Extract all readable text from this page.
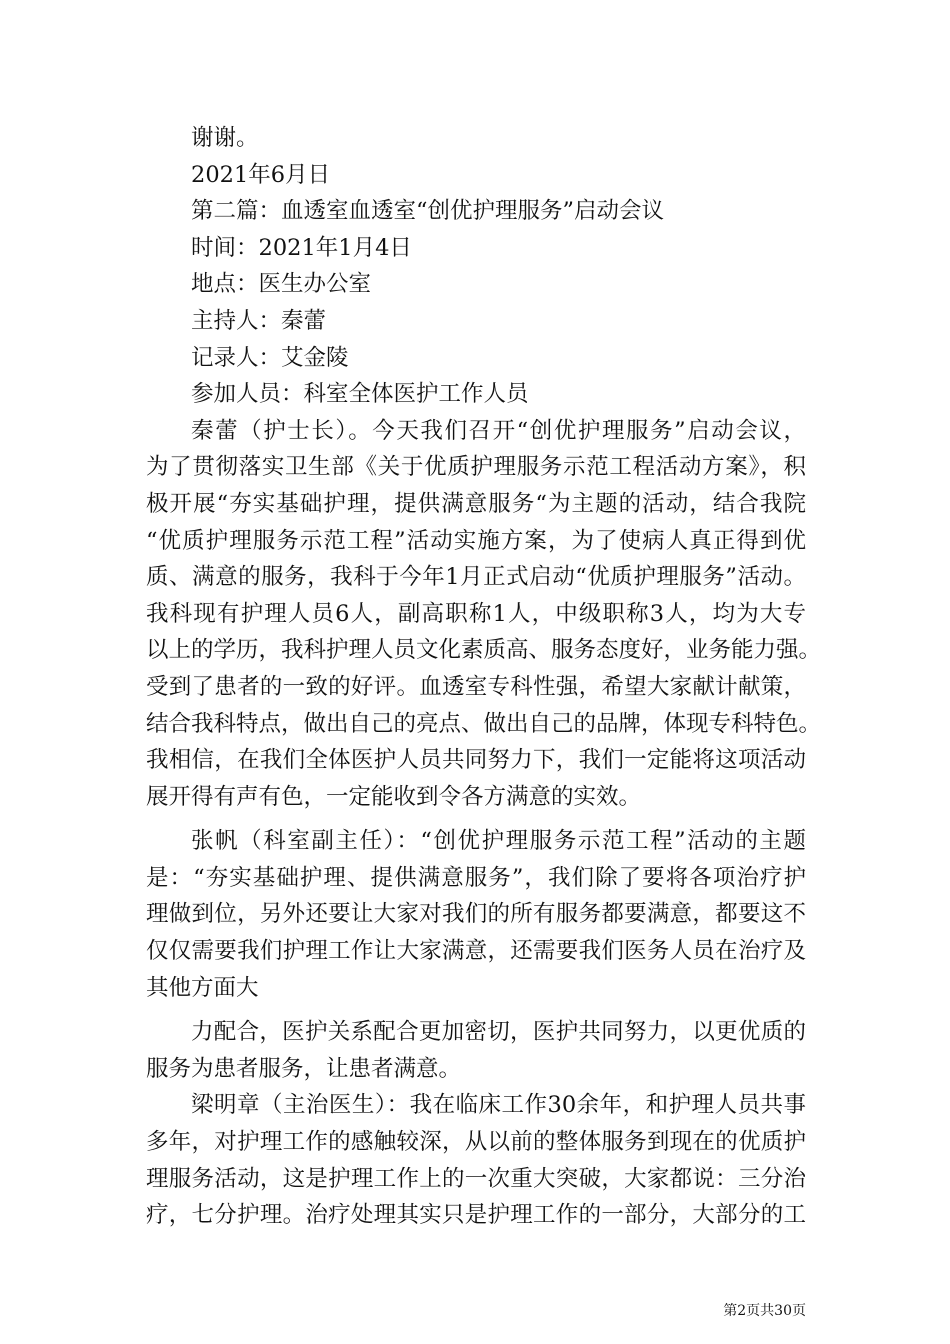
谢谢。
2021年6月日
第二篇：血透室血透室“创优护理服务”启动会议
时间：2021年1月4日
地点：医生办公室
主持人：秦蕾
记录人：艾金陵
参加人员：科室全体医护工作人员
秦蕾（护士长）。今天我们召开“创优护理服务”启动会议，
为了贯彻落实卫生部《关于优质护理服务示范工程活动方案》，积
极开展“夯实基础护理，提供满意服务“为主题的活动，结合我院
“优质护理服务示范工程”活动实施方案，为了使病人真正得到优
质、满意的服务，我科于今年1月正式启动“优质护理服务”活动。
我科现有护理人员6人，副高职称1人，中级职称3人，均为大专
以上的学历，我科护理人员文化素质高、服务态度好，业务能力强。
受到了患者的一致的好评。血透室专科性强，希望大家献计献策，
结合我科特点，做出自己的亮点、做出自己的品牌，体现专科特色。
我相信，在我们全体医护人员共同努力下，我们一定能将这项活动
展开得有声有色，一定能收到令各方满意的实效。
张帆（科室副主任）：“创优护理服务示范工程”活动的主题
是：“夯实基础护理、提供满意服务”，我们除了要将各项治疗护
理做到位，另外还要让大家对我们的所有服务都要满意，都要这不
仅仅需要我们护理工作让大家满意，还需要我们医务人员在治疗及
其他方面大
力配合，医护关系配合更加密切，医护共同努力，以更优质的
服务为患者服务，让患者满意。
梁明章（主治医生）：我在临床工作30余年，和护理人员共事
多年，对护理工作的感触较深，从以前的整体服务到现在的优质护
理服务活动，这是护理工作上的一次重大突破，大家都说：三分治
疗，七分护理。治疗处理其实只是护理工作的一部分，大部分的工
第2页共30页
